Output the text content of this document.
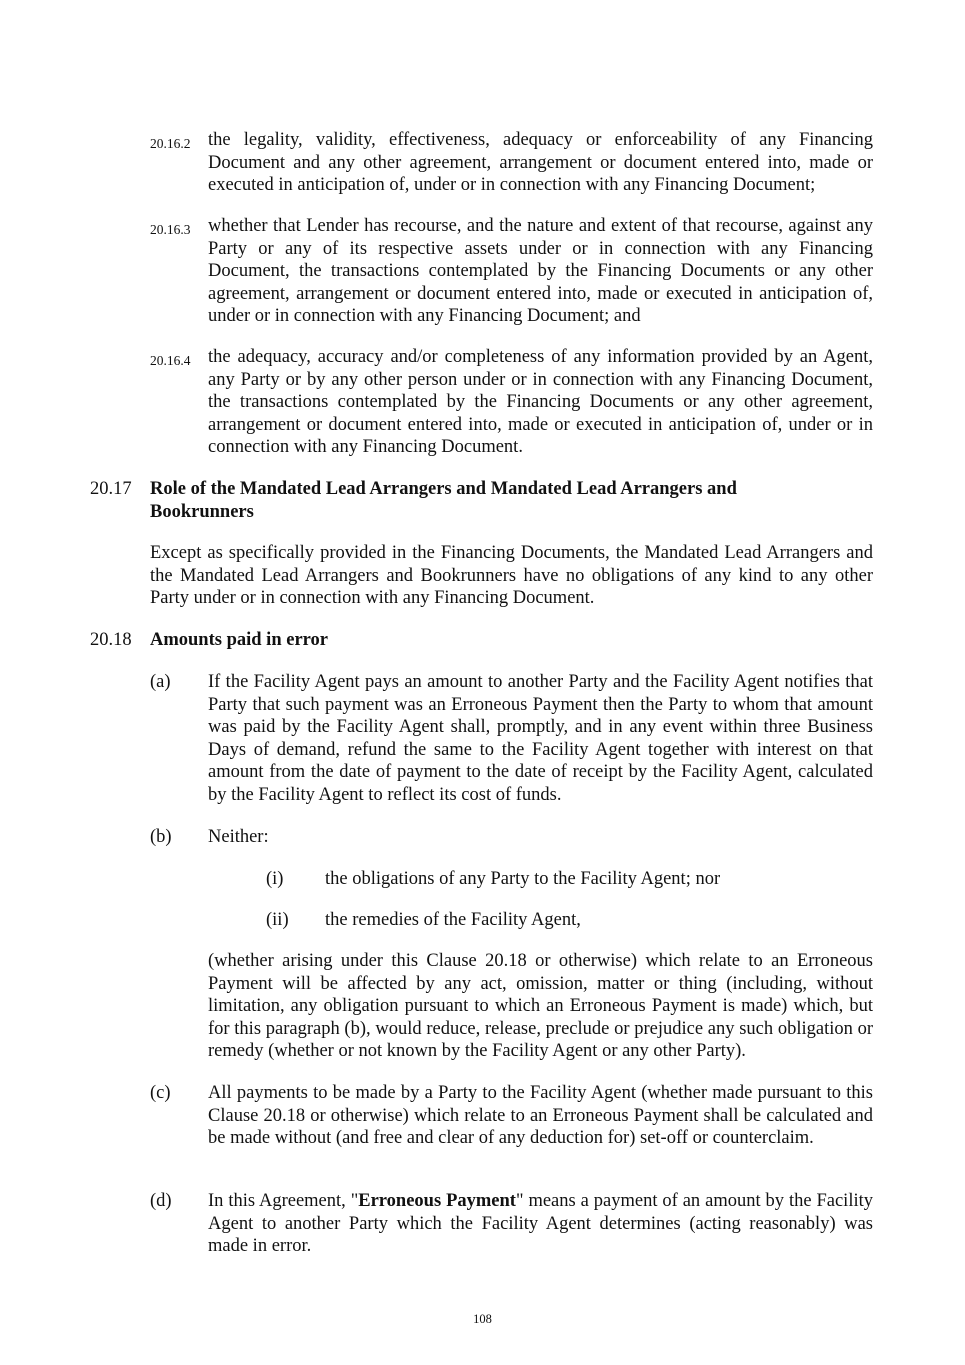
20.16.2 the legality, validity, effectiveness, adequacy or enforceability of any Financing Document and any other agreement, arrangement or document entered into, made or executed in anticipation of, under or in connection with any Financing Document;
20.16.3 whether that Lender has recourse, and the nature and extent of that recourse, against any Party or any of its respective assets under or in connection with any Financing Document, the transactions contemplated by the Financing Documents or any other agreement, arrangement or document entered into, made or executed in anticipation of, under or in connection with any Financing Document; and
20.16.4 the adequacy, accuracy and/or completeness of any information provided by an Agent, any Party or by any other person under or in connection with any Financing Document, the transactions contemplated by the Financing Documents or any other agreement, arrangement or document entered into, made or executed in anticipation of, under or in connection with any Financing Document.
20.17 Role of the Mandated Lead Arrangers and Mandated Lead Arrangers and Bookrunners
Except as specifically provided in the Financing Documents, the Mandated Lead Arrangers and the Mandated Lead Arrangers and Bookrunners have no obligations of any kind to any other Party under or in connection with any Financing Document.
20.18 Amounts paid in error
(a) If the Facility Agent pays an amount to another Party and the Facility Agent notifies that Party that such payment was an Erroneous Payment then the Party to whom that amount was paid by the Facility Agent shall, promptly, and in any event within three Business Days of demand, refund the same to the Facility Agent together with interest on that amount from the date of payment to the date of receipt by the Facility Agent, calculated by the Facility Agent to reflect its cost of funds.
(b) Neither:
(i) the obligations of any Party to the Facility Agent; nor
(ii) the remedies of the Facility Agent,
(whether arising under this Clause 20.18 or otherwise) which relate to an Erroneous Payment will be affected by any act, omission, matter or thing (including, without limitation, any obligation pursuant to which an Erroneous Payment is made) which, but for this paragraph (b), would reduce, release, preclude or prejudice any such obligation or remedy (whether or not known by the Facility Agent or any other Party).
(c) All payments to be made by a Party to the Facility Agent (whether made pursuant to this Clause 20.18 or otherwise) which relate to an Erroneous Payment shall be calculated and be made without (and free and clear of any deduction for) set-off or counterclaim.
(d) In this Agreement, "Erroneous Payment" means a payment of an amount by the Facility Agent to another Party which the Facility Agent determines (acting reasonably) was made in error.
108
